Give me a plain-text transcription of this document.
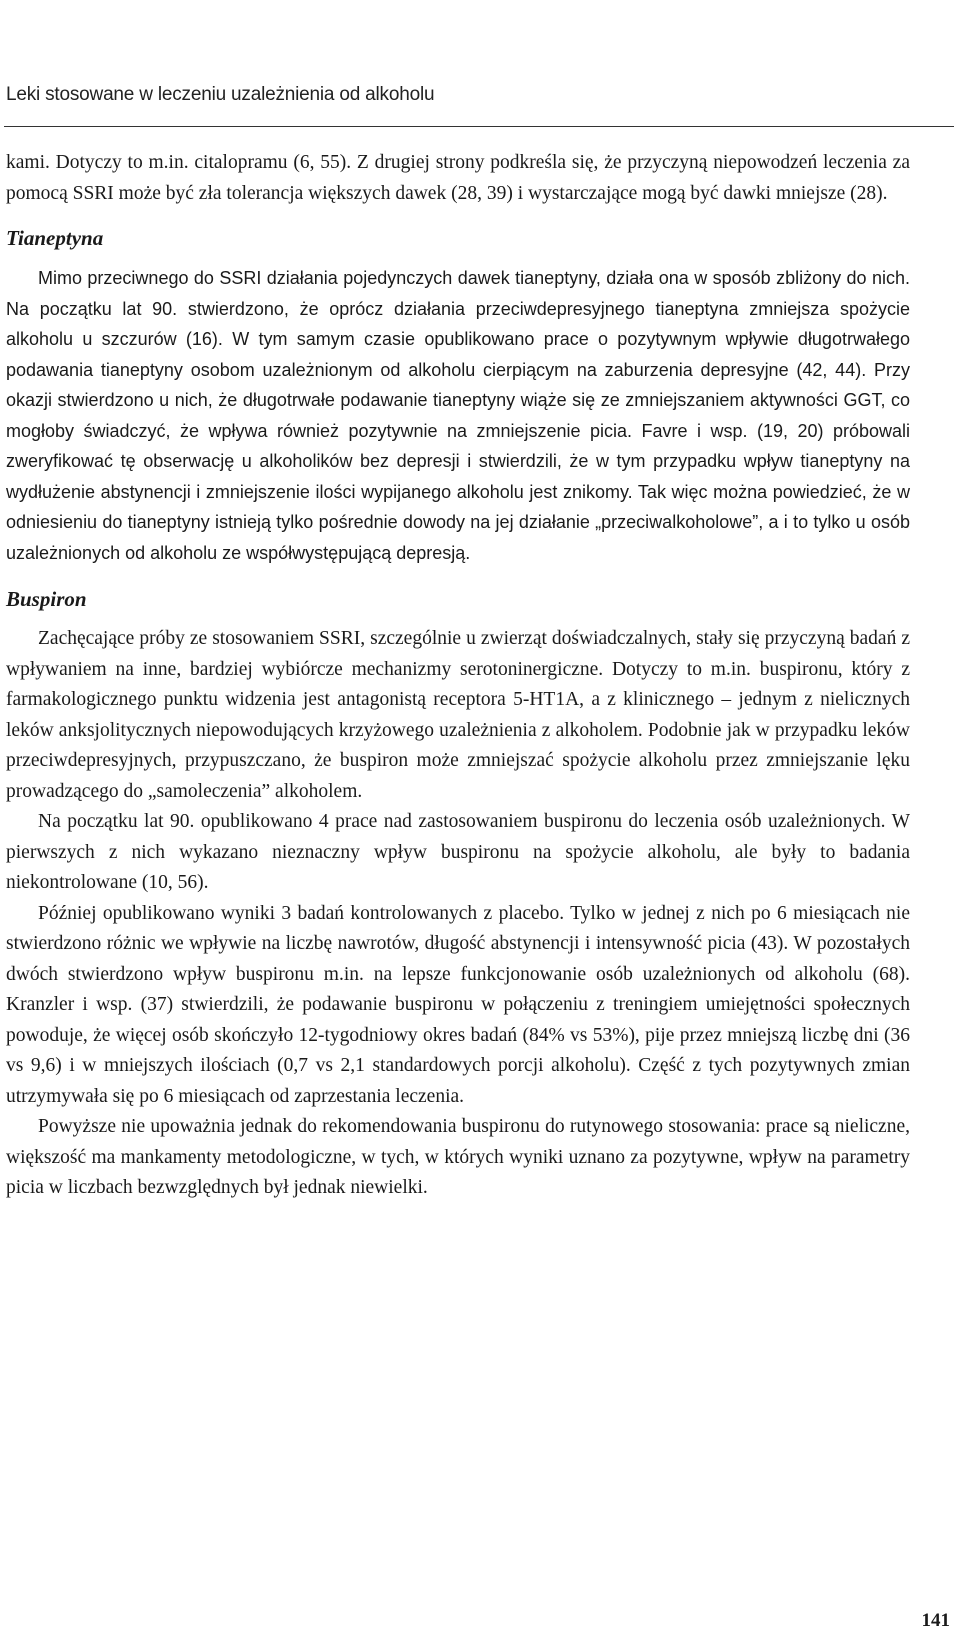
Leki stosowane w leczeniu uzależnienia od alkoholu

kami. Dotyczy to m.in. citalopramu (6, 55). Z drugiej strony podkreśla się, że przyczyną niepowodzeń leczenia za pomocą SSRI może być zła tolerancja większych dawek (28, 39) i wystarczające mogą być dawki mniejsze (28).

Tianeptyna

Mimo przeciwnego do SSRI działania pojedynczych dawek tianeptyny, działa ona w sposób zbliżony do nich. Na początku lat 90. stwierdzono, że oprócz działania przeciwdepresyjnego tianeptyna zmniejsza spożycie alkoholu u szczurów (16). W tym samym czasie opublikowano prace o pozytywnym wpływie długotrwałego podawania tianeptyny osobom uzależnionym od alkoholu cierpiącym na zaburzenia depresyjne (42, 44). Przy okazji stwierdzono u nich, że długotrwałe podawanie tianeptyny wiąże się ze zmniejszaniem aktywności GGT, co mogłoby świadczyć, że wpływa również pozytywnie na zmniejszenie picia. Favre i wsp. (19, 20) próbowali zweryfikować tę obserwację u alkoholików bez depresji i stwierdzili, że w tym przypadku wpływ tianeptyny na wydłużenie abstynencji i zmniejszenie ilości wypijanego alkoholu jest znikomy. Tak więc można powiedzieć, że w odniesieniu do tianeptyny istnieją tylko pośrednie dowody na jej działanie „przeciwalkoholowe”, a i to tylko u osób uzależnionych od alkoholu ze współwystępującą depresją.

Buspiron

Zachęcające próby ze stosowaniem SSRI, szczególnie u zwierząt doświadczalnych, stały się przyczyną badań z wpływaniem na inne, bardziej wybiórcze mechanizmy serotoninergiczne. Dotyczy to m.in. buspironu, który z farmakologicznego punktu widzenia jest antagonistą receptora 5-HT1A, a z klinicznego – jednym z nielicznych leków anksjolitycznych niepowodujących krzyżowego uzależnienia z alkoholem. Podobnie jak w przypadku leków przeciwdepresyjnych, przypuszczano, że buspiron może zmniejszać spożycie alkoholu przez zmniejszanie lęku prowadzącego do „samoleczenia” alkoholem.

Na początku lat 90. opublikowano 4 prace nad zastosowaniem buspironu do leczenia osób uzależnionych. W pierwszych z nich wykazano nieznaczny wpływ buspironu na spożycie alkoholu, ale były to badania niekontrolowane (10, 56).

Później opublikowano wyniki 3 badań kontrolowanych z placebo. Tylko w jednej z nich po 6 miesiącach nie stwierdzono różnic we wpływie na liczbę nawrotów, długość abstynencji i intensywność picia (43). W pozostałych dwóch stwierdzono wpływ buspironu m.in. na lepsze funkcjonowanie osób uzależnionych od alkoholu (68). Kranzler i wsp. (37) stwierdzili, że podawanie buspironu w połączeniu z treningiem umiejętności społecznych powoduje, że więcej osób skończyło 12-tygodniowy okres badań (84% vs 53%), pije przez mniejszą liczbę dni (36 vs 9,6) i w mniejszych ilościach (0,7 vs 2,1 standardowych porcji alkoholu). Część z tych pozytywnych zmian utrzymywała się po 6 miesiącach od zaprzestania leczenia.

Powyższe nie upoważnia jednak do rekomendowania buspironu do rutynowego stosowania: prace są nieliczne, większość ma mankamenty metodologiczne, w tych, w których wyniki uznano za pozytywne, wpływ na parametry picia w liczbach bezwzględnych był jednak niewielki.

141
